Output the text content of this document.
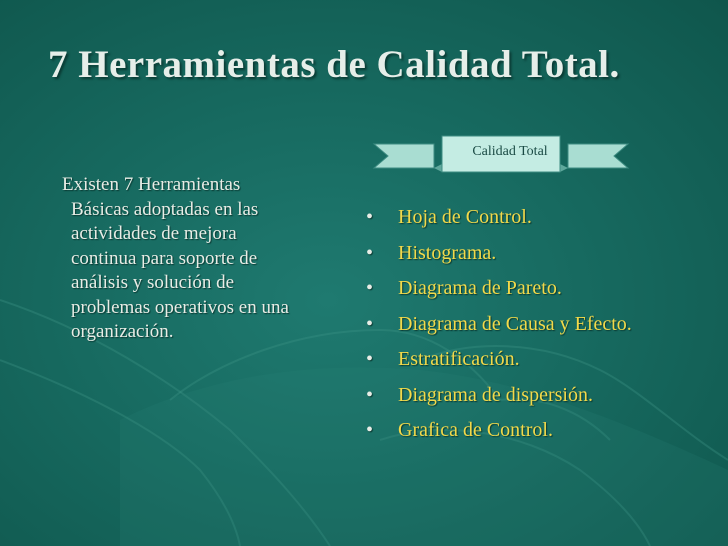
7 Herramientas de Calidad Total.
Existen 7 Herramientas
Básicas adoptadas en las
actividades de mejora
continua para soporte de
análisis y solución de
problemas operativos en una
organización.
Calidad Total
• Hoja de Control.
• Histograma.
• Diagrama de Pareto.
• Diagrama de Causa y Efecto.
• Estratificación.
• Diagrama de dispersión.
• Grafica de Control.
